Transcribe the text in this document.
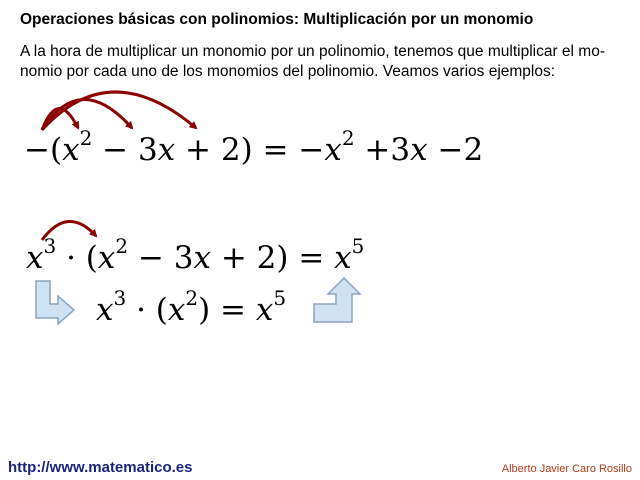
Operaciones básicas con polinomios: Multiplicación por un monomio
A la hora de multiplicar un monomio por un polinomio, tenemos que multiplicar el mo-
nomio por cada uno de los monomios del polinomio. Veamos varios ejemplos:
$-(x^2 - 3x + 2) = -x^2 +3x -2$
$x^3 \cdot (x^2 - 3x + 2) = x^5$
$x^3 \cdot (x^2) = x^5$
http://www.matematico.es	Alberto Javier Caro Rosillo
